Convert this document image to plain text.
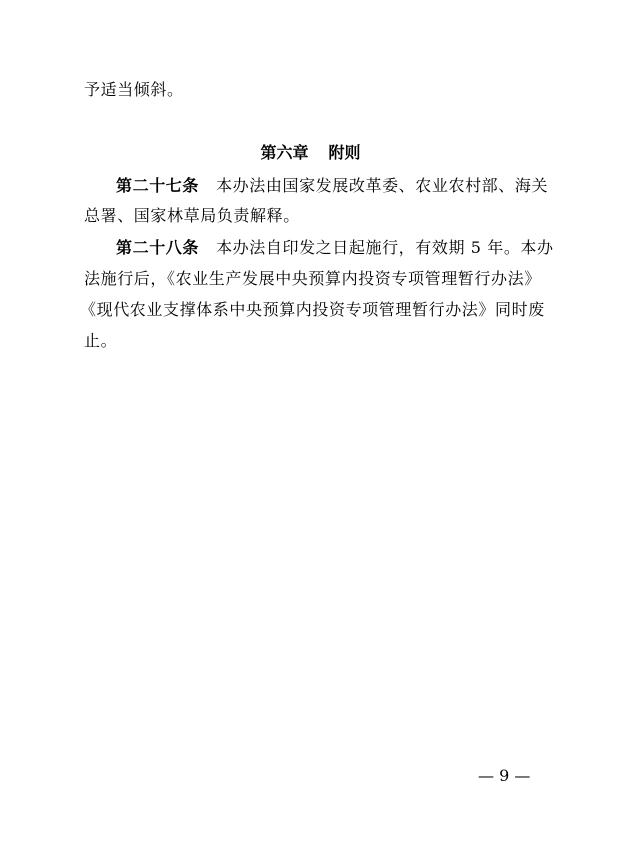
予适当倾斜。
第六章 附则
第二十七条 本办法由国家发展改革委、农业农村部、海关
总署、国家林草局负责解释。
第二十八条 本办法自印发之日起施行，有效期 5 年。本办
法施行后，《农业生产发展中央预算内投资专项管理暂行办法》
《现代农业支撑体系中央预算内投资专项管理暂行办法》同时废
止。
— 9 —
